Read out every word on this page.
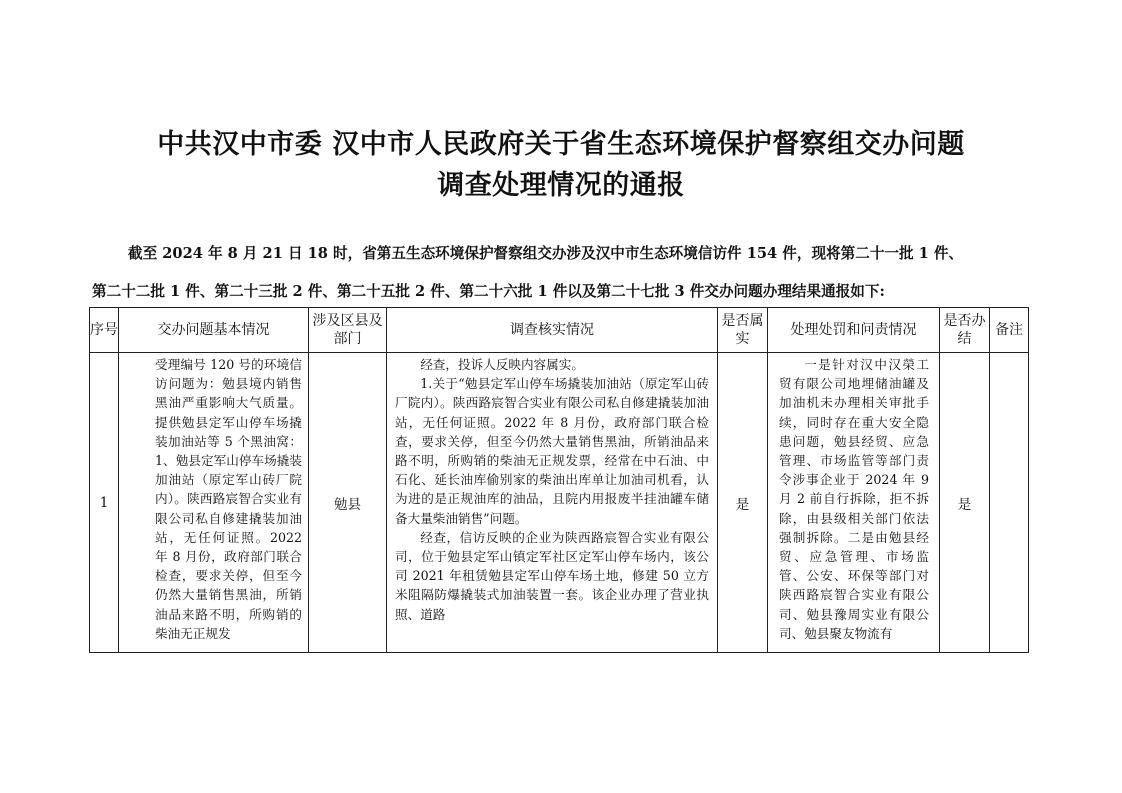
中共汉中市委 汉中市人民政府关于省生态环境保护督察组交办问题
调查处理情况的通报

截至 2024 年 8 月 21 日 18 时，省第五生态环境保护督察组交办涉及汉中市生态环境信访件 154 件，现将第二十一批 1 件、

第二十二批 1 件、第二十三批 2 件、第二十五批 2 件、第二十六批 1 件以及第二十七批 3 件交办问题办理结果通报如下:

序号	交办问题基本情况	涉及区县及部门	调查核实情况	是否属实	处理处罚和问责情况	是否办结	备注
1	受理编号 120 号的环境信访问题为：勉县境内销售黑油严重影响大气质量。提供勉县定军山停车场撬装加油站等 5 个黑油窝：1、勉县定军山停车场撬装加油站（原定军山砖厂院内）。陕西路宸智合实业有限公司私自修建撬装加油站，无任何证照。2022 年 8 月份，政府部门联合检查，要求关停，但至今仍然大量销售黑油，所销油品来路不明，所购销的柴油无正规发	勉县	经查，投诉人反映内容属实。

1.关于“勉县定军山停车场撬装加油站（原定军山砖厂院内）。陕西路宸智合实业有限公司私自修建撬装加油站，无任何证照。2022 年 8 月份，政府部门联合检查，要求关停，但至今仍然大量销售黑油，所销油品来路不明，所购销的柴油无正规发票，经常在中石油、中石化、延长油库偷别家的柴油出库单让加油司机看，认为进的是正规油库的油品，且院内用报废半挂油罐车储备大量柴油销售”问题。

经查，信访反映的企业为陕西路宸智合实业有限公司，位于勉县定军山镇定军社区定军山停车场内，该公司 2021 年租赁勉县定军山停车场土地，修建 50 立方米阻隔防爆撬装式加油装置一套。该企业办理了营业执照、道路	是	一是针对汉中汉榮工贸有限公司地埋储油罐及加油机未办理相关审批手续，同时存在重大安全隐患问题，勉县经贸、应急管理、市场监管等部门责令涉事企业于 2024 年 9 月 2 前自行拆除，拒不拆除，由县级相关部门依法强制拆除。二是由勉县经贸、应急管理、市场监管、公安、环保等部门对陕西路宸智合实业有限公司、勉县豫周实业有限公司、勉县聚友物流有	是	
